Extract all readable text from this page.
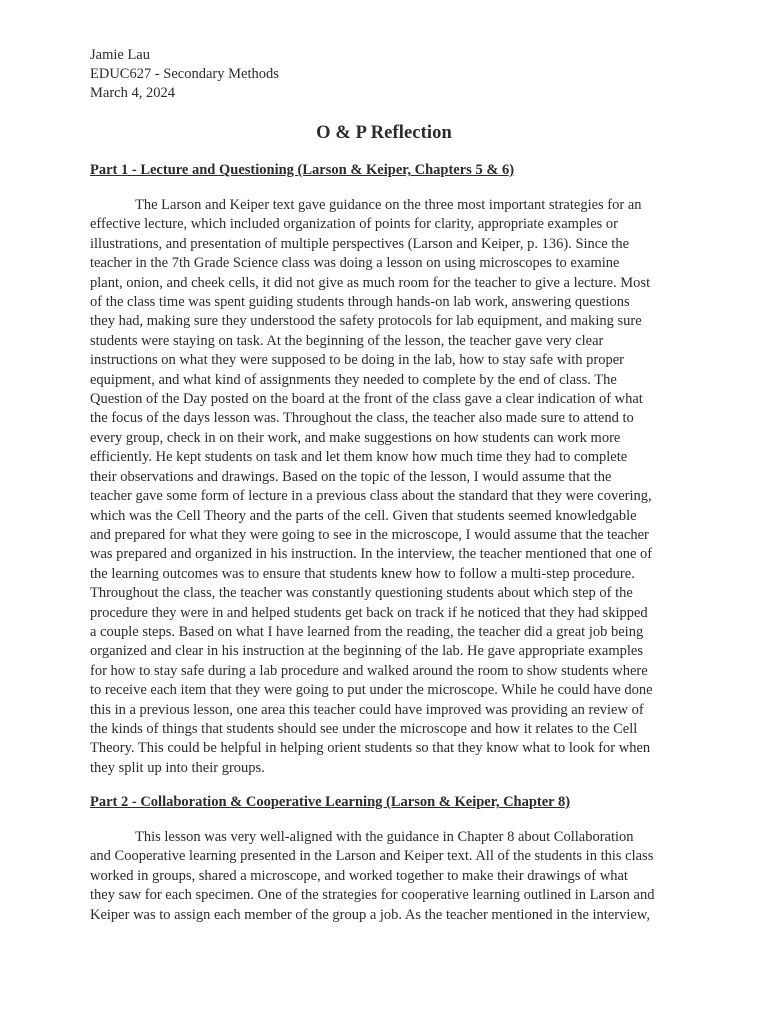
Jamie Lau
EDUC627 - Secondary Methods
March 4, 2024
O & P Reflection
Part 1 - Lecture and Questioning (Larson & Keiper, Chapters 5 & 6)
The Larson and Keiper text gave guidance on the three most important strategies for an
effective lecture, which included organization of points for clarity, appropriate examples or
illustrations, and presentation of multiple perspectives (Larson and Keiper, p. 136). Since the
teacher in the 7th Grade Science class was doing a lesson on using microscopes to examine
plant, onion, and cheek cells, it did not give as much room for the teacher to give a lecture. Most
of the class time was spent guiding students through hands-on lab work, answering questions
they had, making sure they understood the safety protocols for lab equipment, and making sure
students were staying on task. At the beginning of the lesson, the teacher gave very clear
instructions on what they were supposed to be doing in the lab, how to stay safe with proper
equipment, and what kind of assignments they needed to complete by the end of class. The
Question of the Day posted on the board at the front of the class gave a clear indication of what
the focus of the days lesson was. Throughout the class, the teacher also made sure to attend to
every group, check in on their work, and make suggestions on how students can work more
efficiently. He kept students on task and let them know how much time they had to complete
their observations and drawings. Based on the topic of the lesson, I would assume that the
teacher gave some form of lecture in a previous class about the standard that they were covering,
which was the Cell Theory and the parts of the cell. Given that students seemed knowledgable
and prepared for what they were going to see in the microscope, I would assume that the teacher
was prepared and organized in his instruction. In the interview, the teacher mentioned that one of
the learning outcomes was to ensure that students knew how to follow a multi-step procedure.
Throughout the class, the teacher was constantly questioning students about which step of the
procedure they were in and helped students get back on track if he noticed that they had skipped
a couple steps. Based on what I have learned from the reading, the teacher did a great job being
organized and clear in his instruction at the beginning of the lab. He gave appropriate examples
for how to stay safe during a lab procedure and walked around the room to show students where
to receive each item that they were going to put under the microscope. While he could have done
this in a previous lesson, one area this teacher could have improved was providing an review of
the kinds of things that students should see under the microscope and how it relates to the Cell
Theory. This could be helpful in helping orient students so that they know what to look for when
they split up into their groups.
Part 2 - Collaboration & Cooperative Learning (Larson & Keiper, Chapter 8)
This lesson was very well-aligned with the guidance in Chapter 8 about Collaboration
and Cooperative learning presented in the Larson and Keiper text. All of the students in this class
worked in groups, shared a microscope, and worked together to make their drawings of what
they saw for each specimen. One of the strategies for cooperative learning outlined in Larson and
Keiper was to assign each member of the group a job. As the teacher mentioned in the interview,
